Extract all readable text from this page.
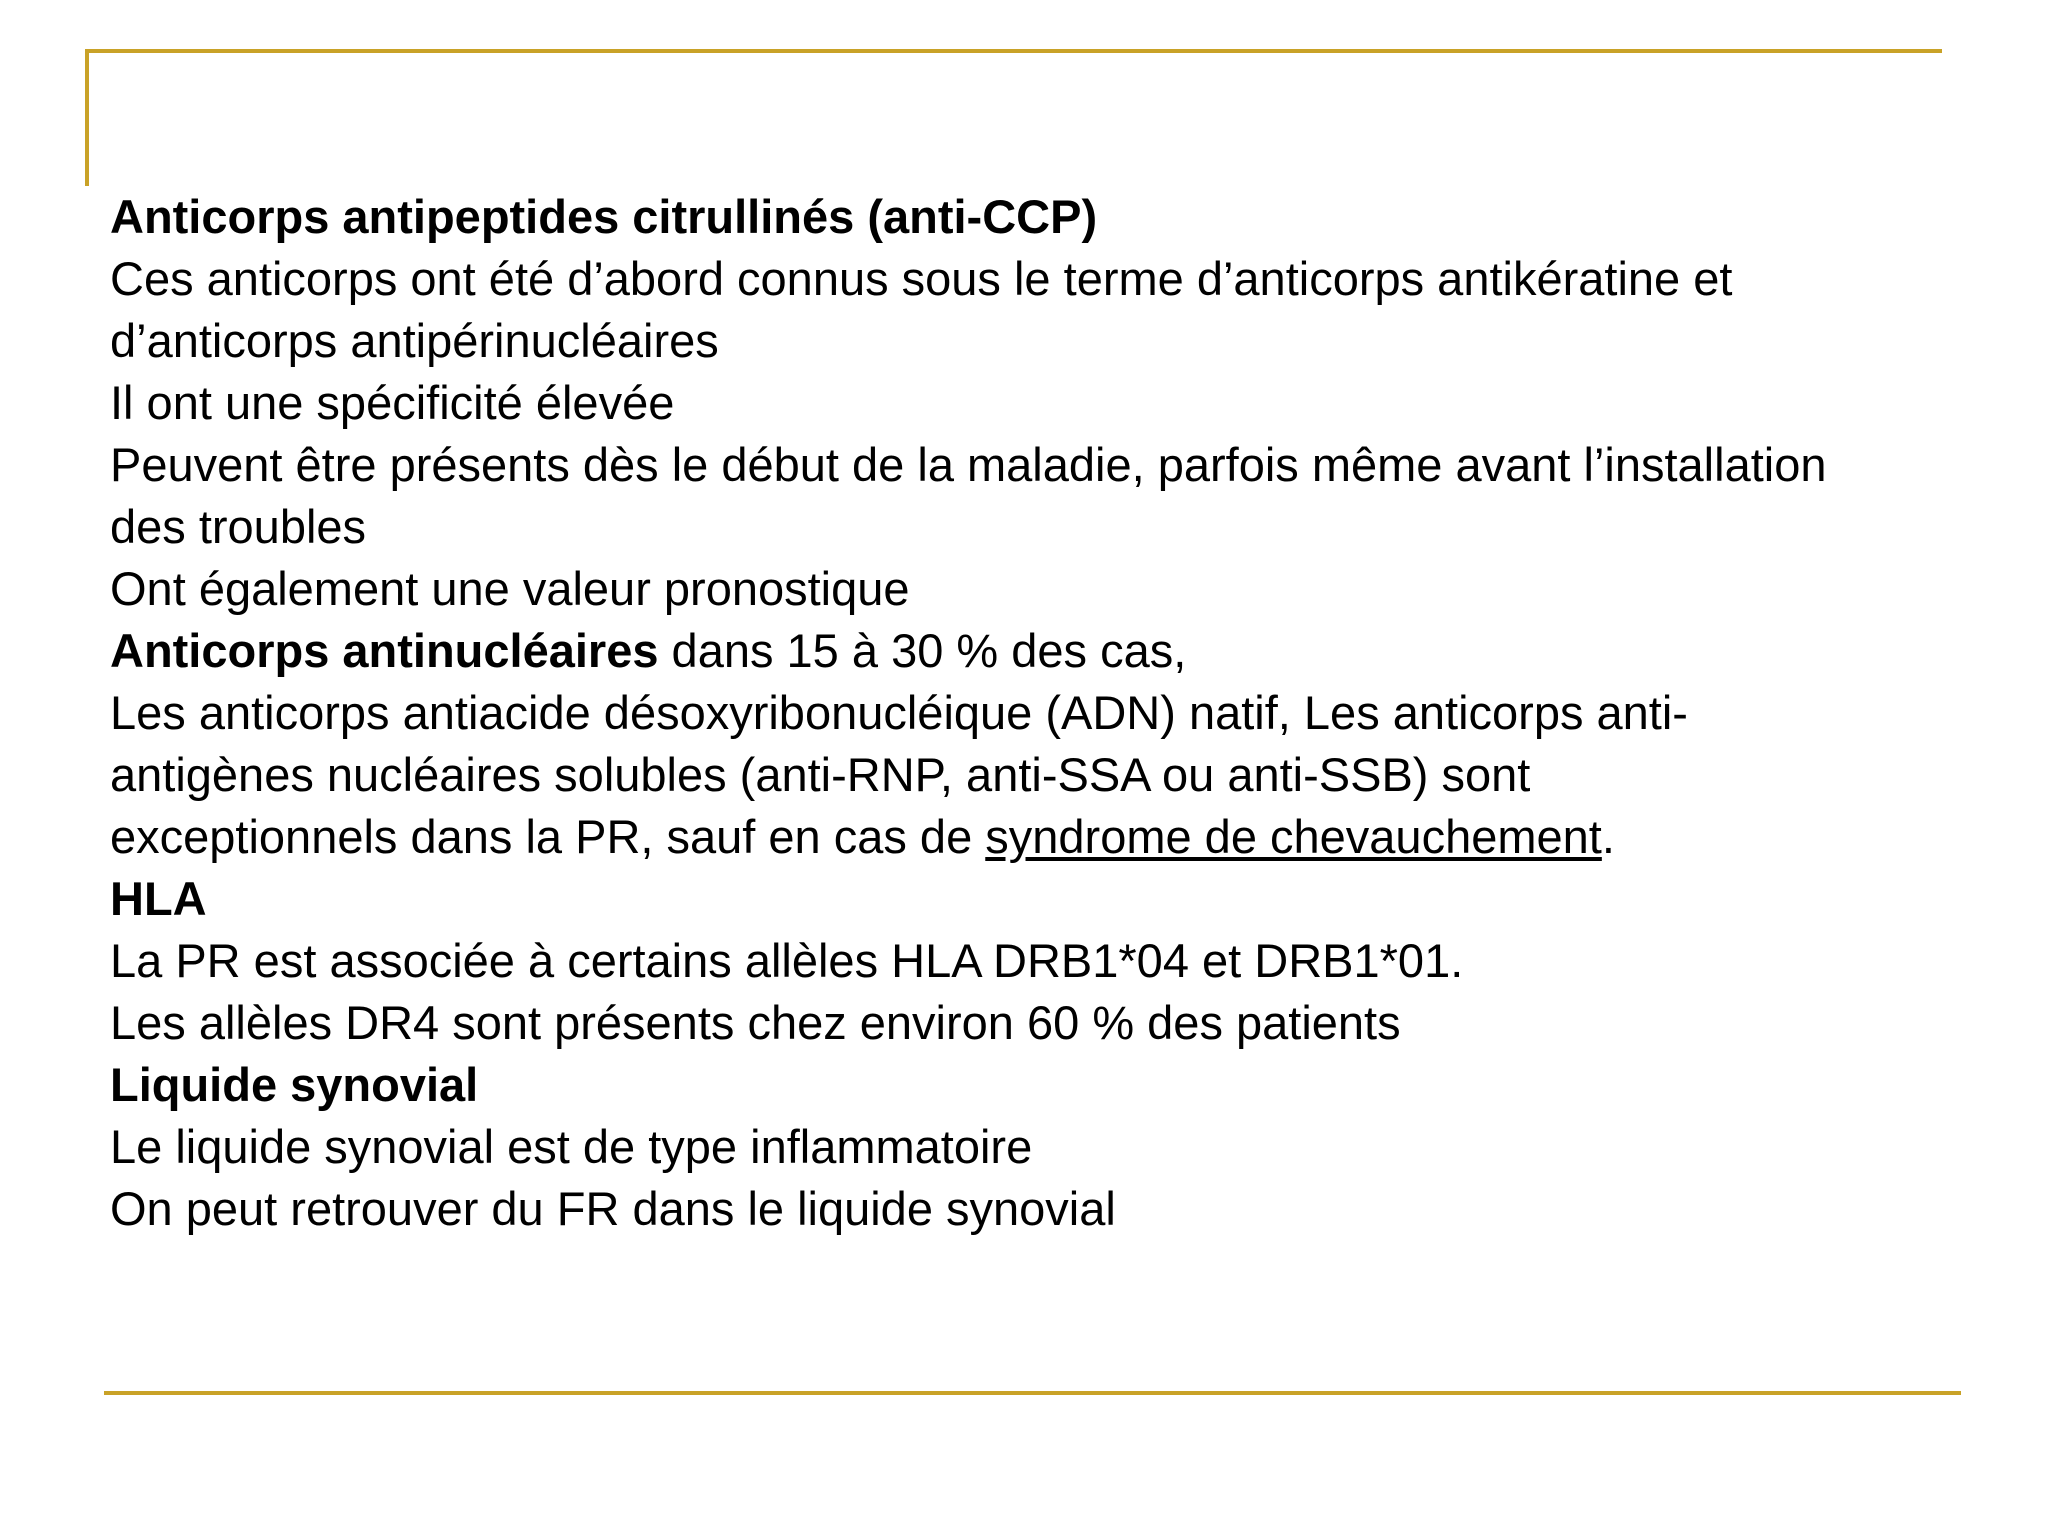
Anticorps antipeptides citrullinés (anti-CCP)
Ces anticorps ont été d’abord connus sous le terme d’anticorps antikératine et
d’anticorps antipérinucléaires
Il ont une spécificité élevée
Peuvent être présents dès le début de la maladie, parfois même avant l’installation
des troubles
Ont également une valeur pronostique
Anticorps antinucléaires dans 15 à 30 % des cas,
Les anticorps antiacide désoxyribonucléique (ADN) natif, Les anticorps anti-
antigènes nucléaires solubles (anti-RNP, anti-SSA ou anti-SSB) sont
exceptionnels dans la PR, sauf en cas de syndrome de chevauchement.
HLA
La PR est associée à certains allèles HLA DRB1*04 et DRB1*01.
Les allèles DR4 sont présents chez environ 60 % des patients
Liquide synovial
Le liquide synovial est de type inflammatoire
On peut retrouver du FR dans le liquide synovial
